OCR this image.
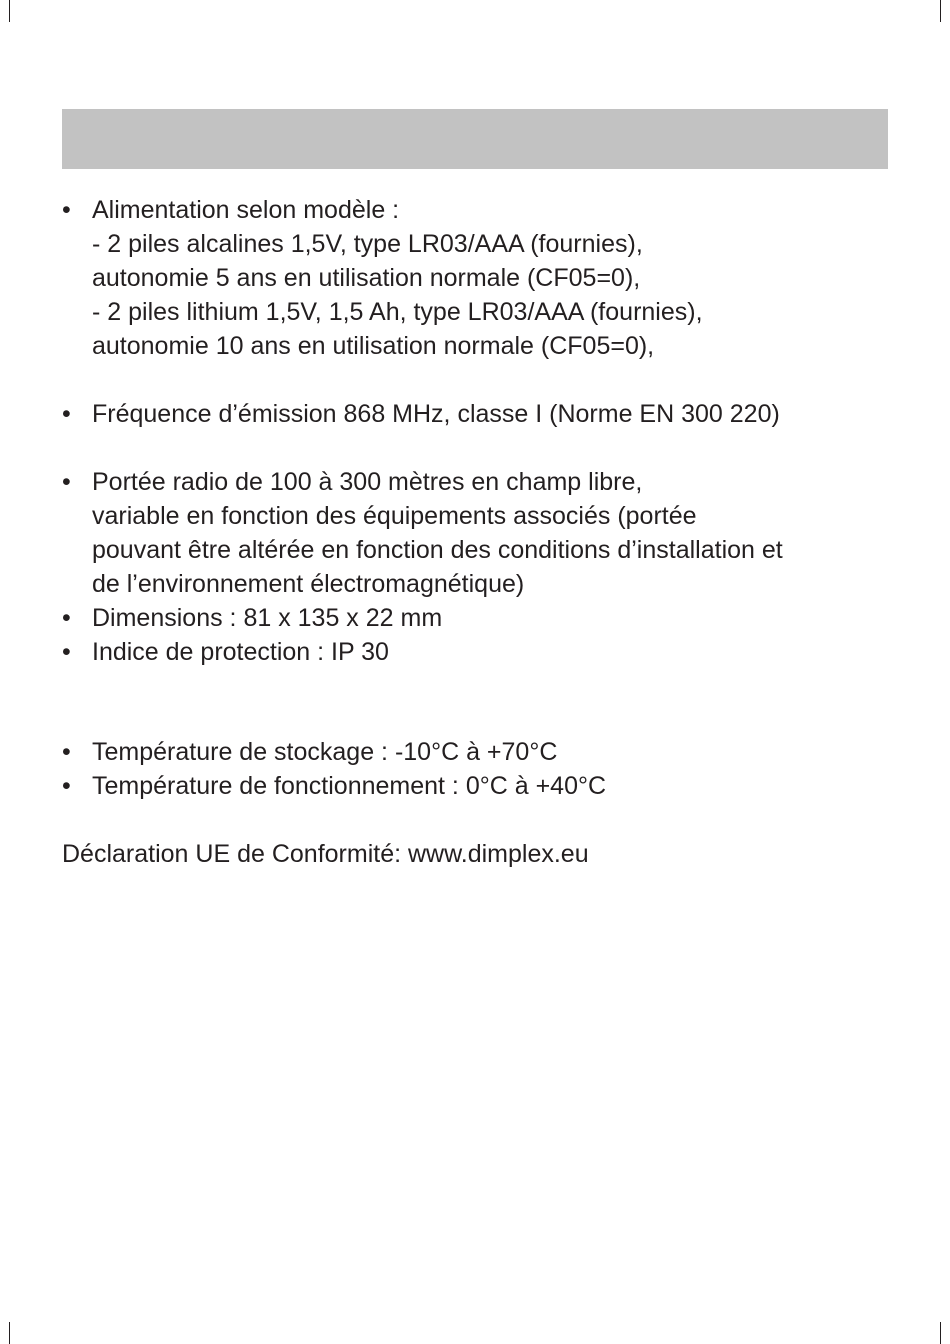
• Alimentation selon modèle :
- 2 piles alcalines 1,5V, type LR03/AAA (fournies),
autonomie 5 ans en utilisation normale (CF05=0),
- 2 piles lithium 1,5V, 1,5 Ah, type LR03/AAA (fournies),
autonomie 10 ans en utilisation normale (CF05=0),
• Fréquence d’émission 868 MHz, classe I (Norme EN 300 220)
• Portée radio de 100 à 300 mètres en champ libre,
variable en fonction des équipements associés (portée
pouvant être altérée en fonction des conditions d’installation et
de l’environnement électromagnétique)
• Dimensions : 81 x 135 x 22 mm
• Indice de protection : IP 30
• Température de stockage : -10°C à +70°C
• Température de fonctionnement : 0°C à +40°C
Déclaration UE de Conformité: www.dimplex.eu
